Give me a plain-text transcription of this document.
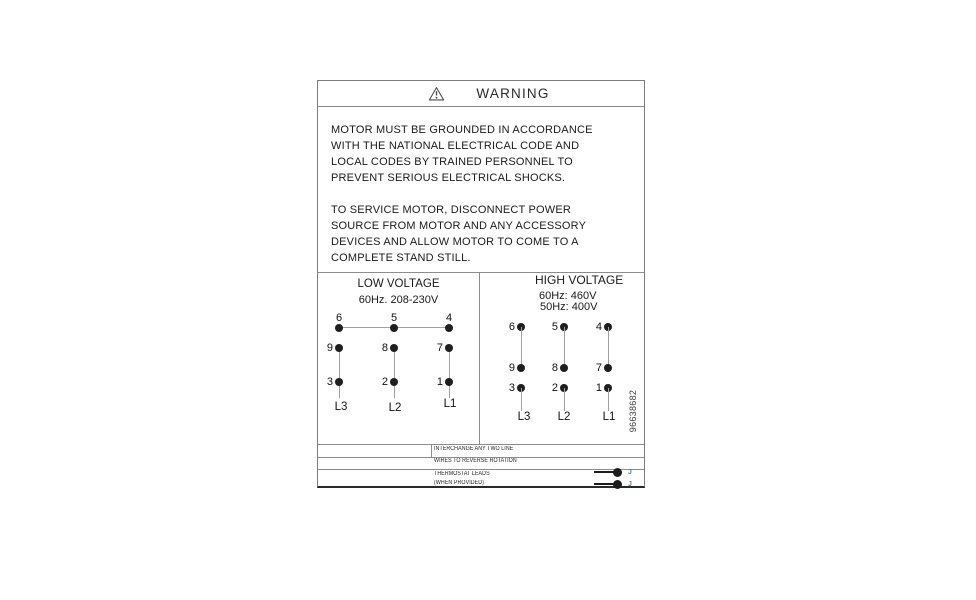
WARNING
MOTOR MUST BE GROUNDED IN ACCORDANCE
WITH THE NATIONAL ELECTRICAL CODE AND
LOCAL CODES BY TRAINED PERSONNEL TO
PREVENT SERIOUS ELECTRICAL SHOCKS.
TO SERVICE MOTOR, DISCONNECT POWER
SOURCE FROM MOTOR AND ANY ACCESSORY
DEVICES AND ALLOW MOTOR TO COME TO A
COMPLETE STAND STILL.
LOW VOLTAGE
60Hz. 208-230V
6	5	4
9	8	7
3	2	1
L3	L2	L1
HIGH VOLTAGE
60Hz: 460V
50Hz: 400V
6	5	4
9	8	7
3	2	1
L3	L2	L1	96638682
INTERCHANGE ANY TWO LINE
WIRES TO REVERSE ROTATION
THERMOSTAT LEADS
(WHEN PROVIDED)
J
J
